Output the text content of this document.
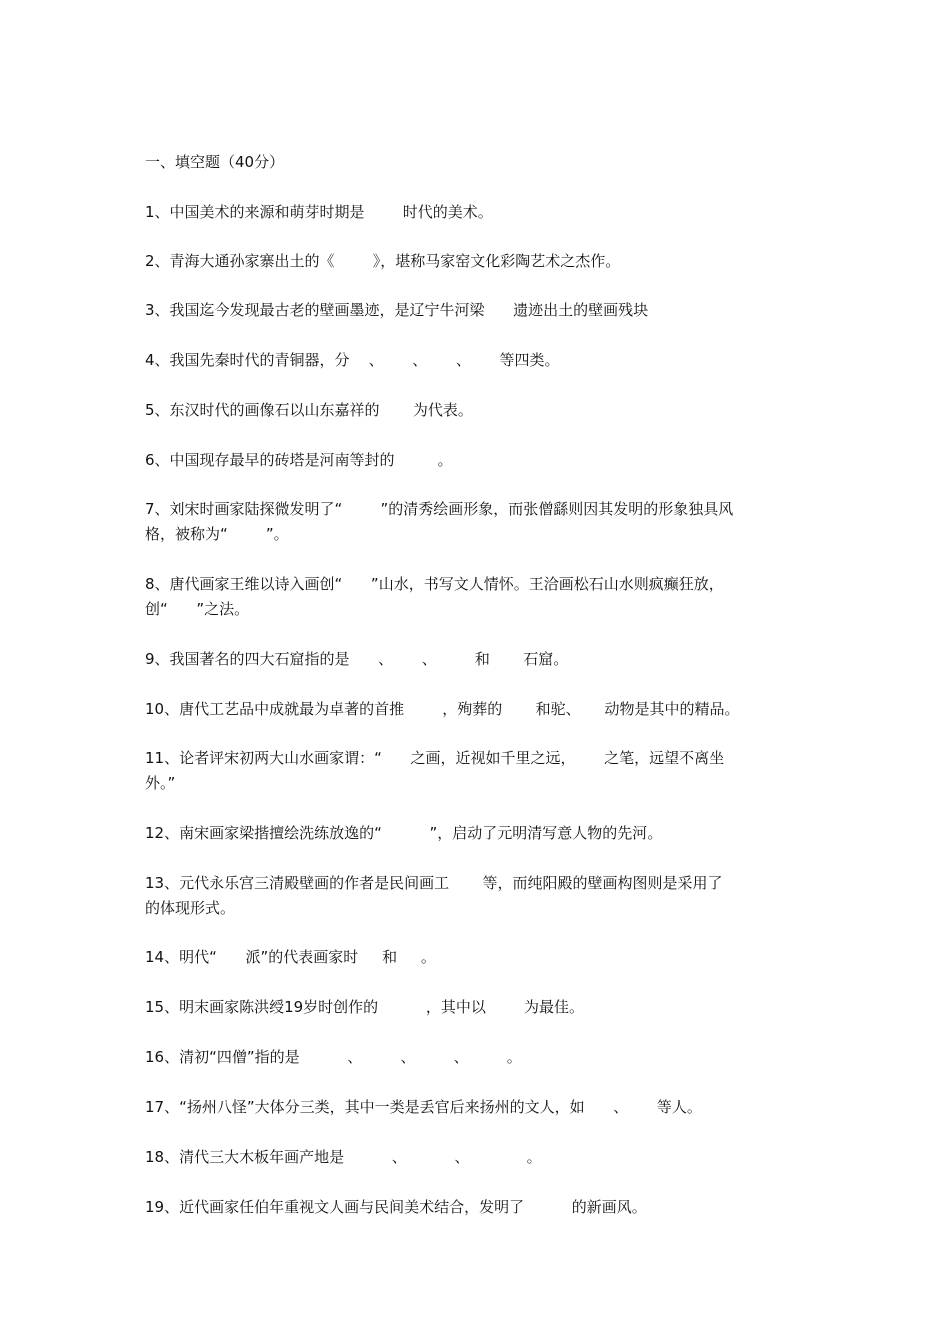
一、填空题（40分）
1、中国美术的来源和萌芽时期是        时代的美术。
2、青海大通孙家寨出土的《        》，堪称马家窑文化彩陶艺术之杰作。
3、我国迄今发现最古老的壁画墨迹，是辽宁牛河梁      遗迹出土的壁画残块
4、我国先秦时代的青铜器，分    、      、      、      等四类。
5、东汉时代的画像石以山东嘉祥的       为代表。
6、中国现存最早的砖塔是河南等封的         。
7、刘宋时画家陆探微发明了“        ”的清秀绘画形象，而张僧繇则因其发明的形象独具风
格，被称为“        ”。
8、唐代画家王维以诗入画创“      ”山水，书写文人情怀。王洽画松石山水则疯癫狂放，
创“      ”之法。
9、我国著名的四大石窟指的是      、      、        和       石窟。
10、唐代工艺品中成就最为卓著的首推        ，殉葬的       和驼、     动物是其中的精品。
11、论者评宋初两大山水画家谓：“      之画，近视如千里之远，      之笔，远望不离坐
外。”
12、南宋画家梁揩擅绘洗练放逸的“          ”，启动了元明清写意人物的先河。
13、元代永乐宫三清殿壁画的作者是民间画工       等，而纯阳殿的壁画构图则是采用了
的体现形式。
14、明代“      派”的代表画家时     和     。
15、明末画家陈洪绶19岁时创作的          ，其中以        为最佳。
16、清初“四僧”指的是          、        、        、        。
17、“扬州八怪”大体分三类，其中一类是丢官后来扬州的文人，如      、      等人。
18、清代三大木板年画产地是          、          、            。
19、近代画家任伯年重视文人画与民间美术结合，发明了          的新画风。
